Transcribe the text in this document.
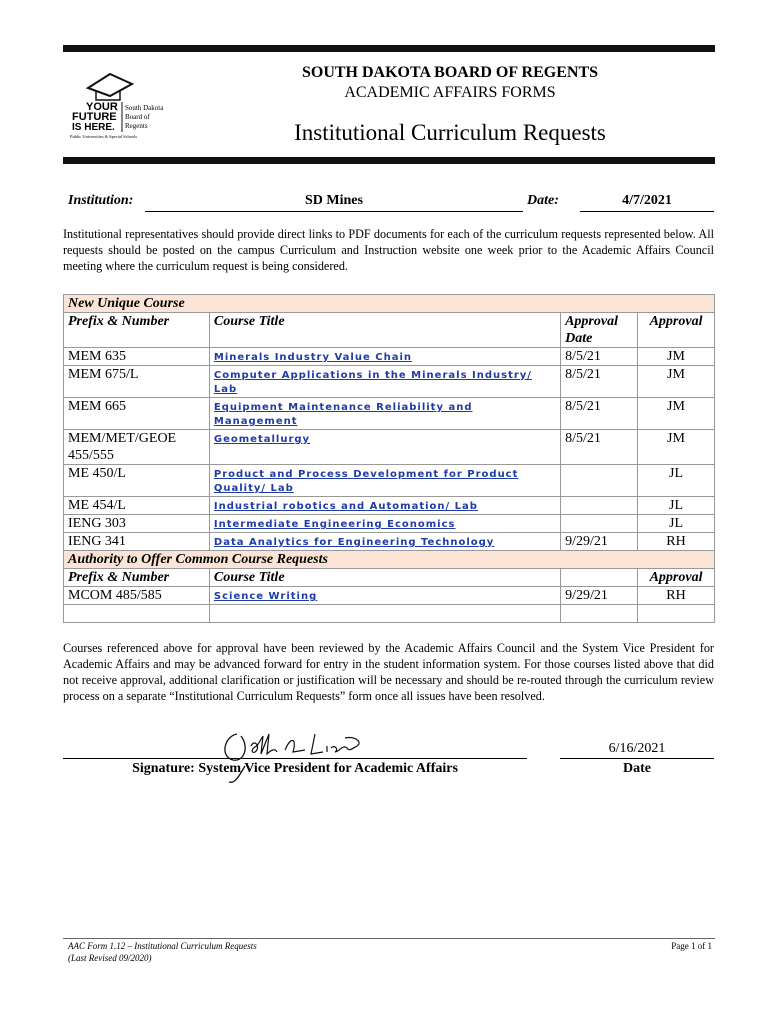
YOUR
FUTURE
IS HERE.
South Dakota
Board of
Regents
Public Universities & Special Schools
SOUTH DAKOTA BOARD OF REGENTS
ACADEMIC AFFAIRS FORMS
Institutional Curriculum Requests
Institution:	SD Mines	Date:	4/7/2021
Institutional representatives should provide direct links to PDF documents for each of the curriculum requests represented below. All requests should be posted on the campus Curriculum and Instruction website one week prior to the Academic Affairs Council meeting where the curriculum request is being considered.
New Unique Course			
Prefix & Number	Course Title	Approval Date	Approval
MEM 635	Minerals Industry Value Chain	8/5/21	JM
MEM 675/L	Computer Applications in the Minerals Industry/ Lab	8/5/21	JM
MEM 665	Equipment Maintenance Reliability and Management	8/5/21	JM
MEM/MET/GEOE 455/555	Geometallurgy	8/5/21	JM
ME 450/L	Product and Process Development for Product Quality/ Lab		JL
ME 454/L	Industrial robotics and Automation/ Lab		JL
IENG 303	Intermediate Engineering Economics		JL
IENG 341	Data Analytics for Engineering Technology	9/29/21	RH
Authority to Offer Common Course Requests			
Prefix & Number	Course Title		Approval
MCOM 485/585	Science Writing	9/29/21	RH

Courses referenced above for approval have been reviewed by the Academic Affairs Council and the System Vice President for Academic Affairs and may be advanced forward for entry in the student information system. For those courses listed above that did not receive approval, additional clarification or justification will be necessary and should be re-routed through the curriculum review process on a separate “Institutional Curriculum Requests” form once all issues have been resolved.
Signature: System Vice President for Academic Affairs
6/16/2021
Date
AAC Form 1.12 – Institutional Curriculum Requests
(Last Revised 09/2020)
Page 1 of 1
